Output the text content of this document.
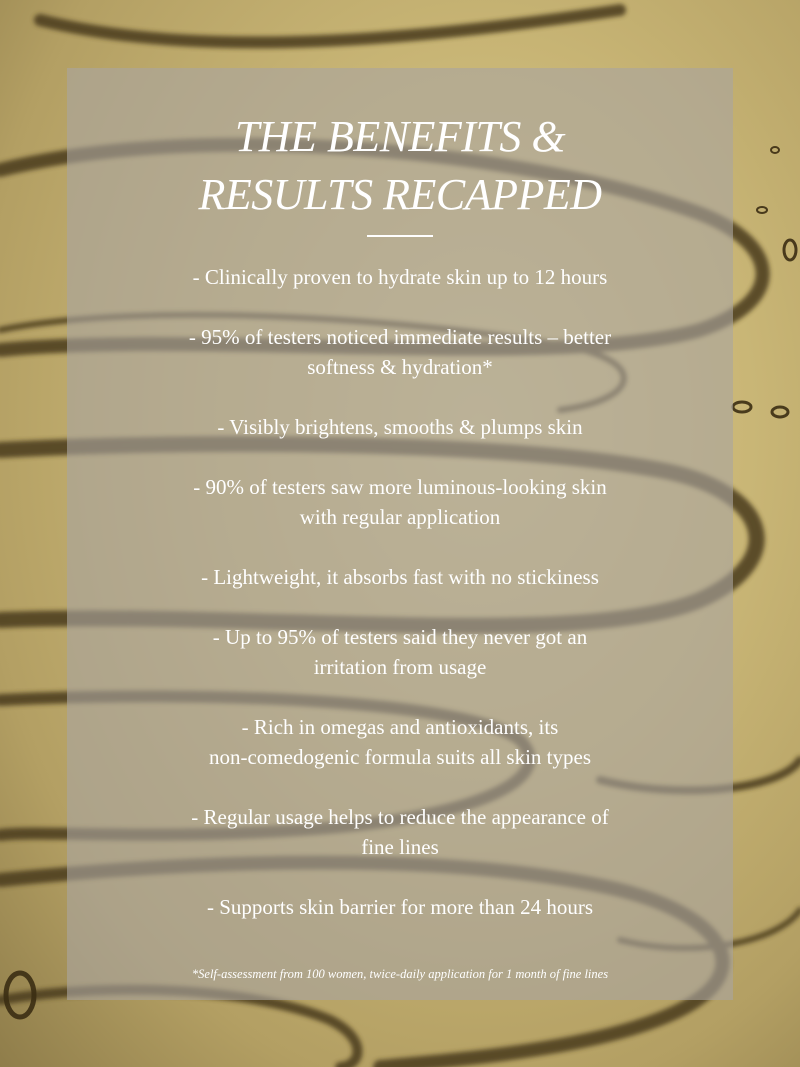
THE BENEFITS &
RESULTS RECAPPED
- Clinically proven to hydrate skin up to 12 hours
- 95% of testers noticed immediate results – better
softness & hydration*
- Visibly brightens, smooths & plumps skin
- 90% of testers saw more luminous-looking skin
with regular application
- Lightweight, it absorbs fast with no stickiness
- Up to 95% of testers said they never got an
irritation from usage
- Rich in omegas and antioxidants, its
non-comedogenic formula suits all skin types
- Regular usage helps to reduce the appearance of
fine lines
- Supports skin barrier for more than 24 hours
*Self-assessment from 100 women, twice-daily application for 1 month of fine lines
